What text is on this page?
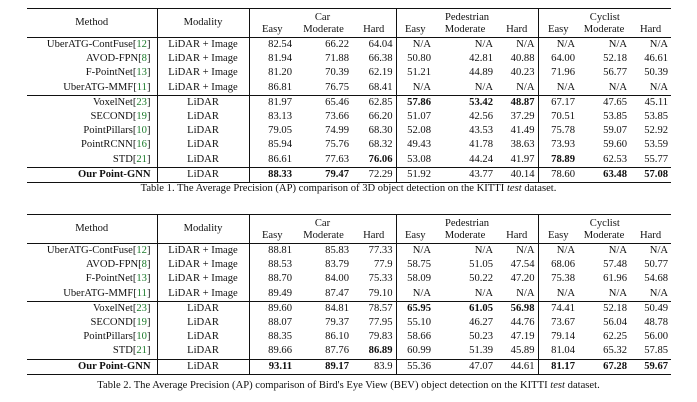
Method	Modality	Car			Pedestrian			Cyclist		
		Easy	Moderate	Hard	Easy	Moderate	Hard	Easy	Moderate	Hard
UberATG-ContFuse[12]	LiDAR + Image	82.54	66.22	64.04	N/A	N/A	N/A	N/A	N/A	N/A
AVOD-FPN[8]	LiDAR + Image	81.94	71.88	66.38	50.80	42.81	40.88	64.00	52.18	46.61
F-PointNet[13]	LiDAR + Image	81.20	70.39	62.19	51.21	44.89	40.23	71.96	56.77	50.39
UberATG-MMF[11]	LiDAR + Image	86.81	76.75	68.41	N/A	N/A	N/A	N/A	N/A	N/A
VoxelNet[23]	LiDAR	81.97	65.46	62.85	57.86	53.42	48.87	67.17	47.65	45.11
SECOND[19]	LiDAR	83.13	73.66	66.20	51.07	42.56	37.29	70.51	53.85	53.85
PointPillars[10]	LiDAR	79.05	74.99	68.30	52.08	43.53	41.49	75.78	59.07	52.92
PointRCNN[16]	LiDAR	85.94	75.76	68.32	49.43	41.78	38.63	73.93	59.60	53.59
STD[21]	LiDAR	86.61	77.63	76.06	53.08	44.24	41.97	78.89	62.53	55.77
Our Point-GNN	LiDAR	88.33	79.47	72.29	51.92	43.77	40.14	78.60	63.48	57.08
Table 1. The Average Precision (AP) comparison of 3D object detection on the KITTI test dataset.
Method	Modality	Car			Pedestrian			Cyclist		
		Easy	Moderate	Hard	Easy	Moderate	Hard	Easy	Moderate	Hard
UberATG-ContFuse[12]	LiDAR + Image	88.81	85.83	77.33	N/A	N/A	N/A	N/A	N/A	N/A
AVOD-FPN[8]	LiDAR + Image	88.53	83.79	77.9	58.75	51.05	47.54	68.06	57.48	50.77
F-PointNet[13]	LiDAR + Image	88.70	84.00	75.33	58.09	50.22	47.20	75.38	61.96	54.68
UberATG-MMF[11]	LiDAR + Image	89.49	87.47	79.10	N/A	N/A	N/A	N/A	N/A	N/A
VoxelNet[23]	LiDAR	89.60	84.81	78.57	65.95	61.05	56.98	74.41	52.18	50.49
SECOND[19]	LiDAR	88.07	79.37	77.95	55.10	46.27	44.76	73.67	56.04	48.78
PointPillars[10]	LiDAR	88.35	86.10	79.83	58.66	50.23	47.19	79.14	62.25	56.00
STD[21]	LiDAR	89.66	87.76	86.89	60.99	51.39	45.89	81.04	65.32	57.85
Our Point-GNN	LiDAR	93.11	89.17	83.9	55.36	47.07	44.61	81.17	67.28	59.67
Table 2. The Average Precision (AP) comparison of Bird's Eye View (BEV) object detection on the KITTI test dataset.
